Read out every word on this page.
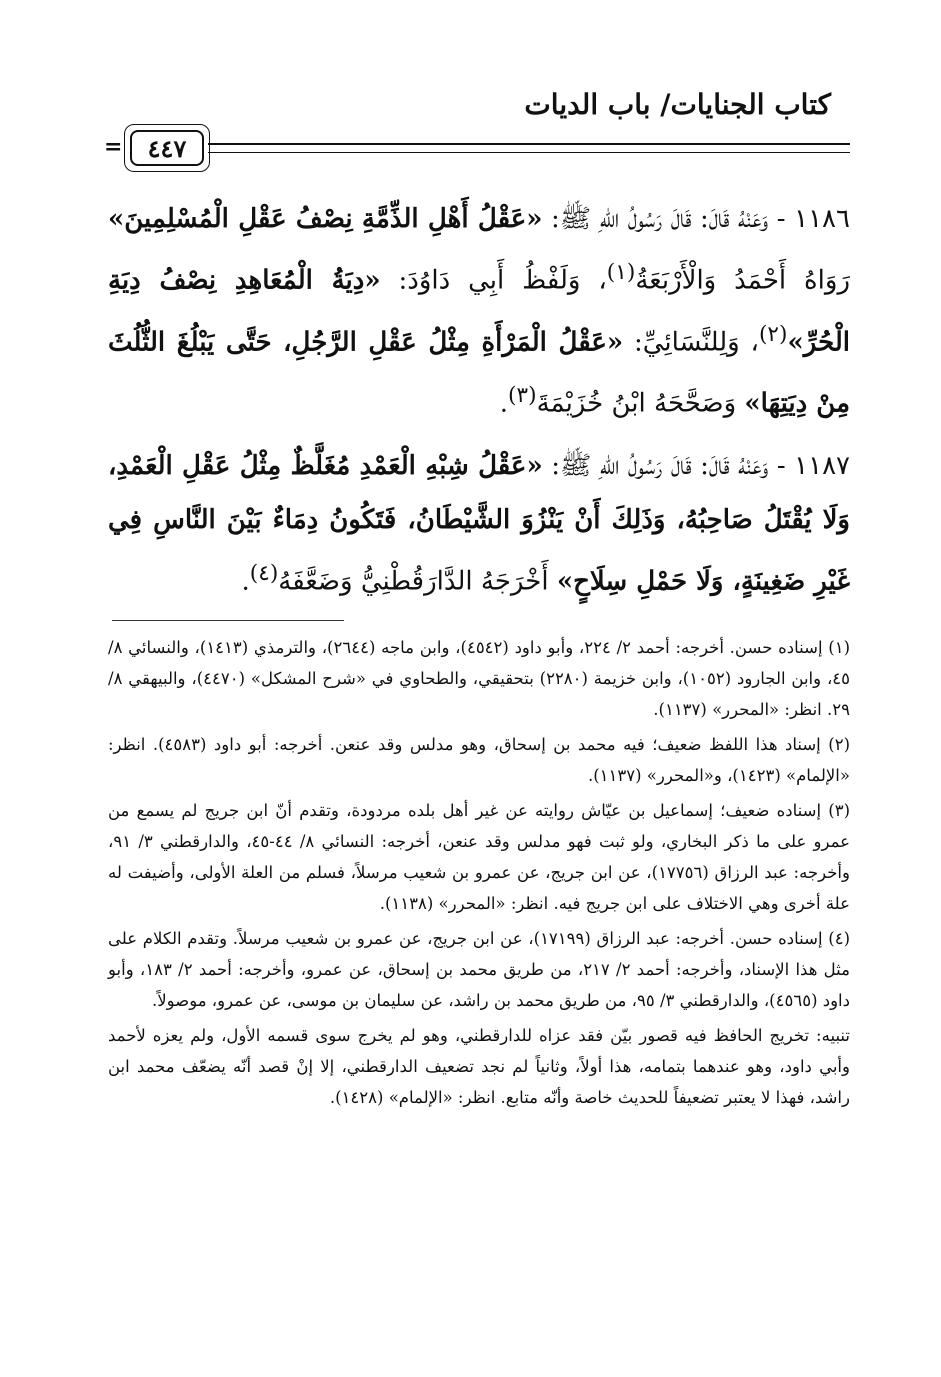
كتاب الجنايات/ باب الديات
=	٤٤٧

١١٨٦ - وَعَنْهُ قَالَ: قَالَ رَسُولُ اللهِ ﷺ: «عَقْلُ أَهْلِ الذِّمَّةِ نِصْفُ عَقْلِ الْمُسْلِمِينَ» رَوَاهُ أَحْمَدُ وَالْأَرْبَعَةُ$^{(١)}$، وَلَفْظُ أَبِي دَاوُدَ: «دِيَةُ الْمُعَاهِدِ نِصْفُ دِيَةِ الْحُرِّ»$^{(٢)}$، وَلِلنَّسَائِيِّ: «عَقْلُ الْمَرْأَةِ مِثْلُ عَقْلِ الرَّجُلِ، حَتَّى يَبْلُغَ الثُّلُثَ مِنْ دِيَتِهَا» وَصَحَّحَهُ ابْنُ خُزَيْمَةَ$^{(٣)}$.

١١٨٧ - وَعَنْهُ قَالَ: قَالَ رَسُولُ اللهِ ﷺ: «عَقْلُ شِبْهِ الْعَمْدِ مُغَلَّظٌ مِثْلُ عَقْلِ الْعَمْدِ، وَلَا يُقْتَلُ صَاحِبُهُ، وَذَلِكَ أَنْ يَنْزُوَ الشَّيْطَانُ، فَتَكُونُ دِمَاءٌ بَيْنَ النَّاسِ فِي غَيْرِ ضَغِينَةٍ، وَلَا حَمْلِ سِلَاحٍ» أَخْرَجَهُ الدَّارَقُطْنِيُّ وَضَعَّفَهُ$^{(٤)}$.

(١) إسناده حسن. أخرجه: أحمد ٢/ ٢٢٤، وأبو داود (٤٥٤٢)، وابن ماجه (٢٦٤٤)، والترمذي (١٤١٣)، والنسائي ٨/ ٤٥، وابن الجارود (١٠٥٢)، وابن خزيمة (٢٢٨٠) بتحقيقي، والطحاوي في «شرح المشكل» (٤٤٧٠)، والبيهقي ٨/ ٢٩. انظر: «المحرر» (١١٣٧).

(٢) إسناد هذا اللفظ ضعيف؛ فيه محمد بن إسحاق، وهو مدلس وقد عنعن. أخرجه: أبو داود (٤٥٨٣). انظر: «الإلمام» (١٤٢٣)، و«المحرر» (١١٣٧).

(٣) إسناده ضعيف؛ إسماعيل بن عيّاش روايته عن غير أهل بلده مردودة، وتقدم أنّ ابن جريج لم يسمع من عمرو على ما ذكر البخاري، ولو ثبت فهو مدلس وقد عنعن، أخرجه: النسائي ٨/ ٤٤-٤٥، والدارقطني ٣/ ٩١، وأخرجه: عبد الرزاق (١٧٧٥٦)، عن ابن جريج، عن عمرو بن شعيب مرسلاً، فسلم من العلة الأولى، وأضيفت له علة أخرى وهي الاختلاف على ابن جريج فيه. انظر: «المحرر» (١١٣٨).

(٤) إسناده حسن. أخرجه: عبد الرزاق (١٧١٩٩)، عن ابن جريج، عن عمرو بن شعيب مرسلاً. وتقدم الكلام على مثل هذا الإسناد، وأخرجه: أحمد ٢/ ٢١٧، من طريق محمد بن إسحاق، عن عمرو، وأخرجه: أحمد ٢/ ١٨٣، وأبو داود (٤٥٦٥)، والدارقطني ٣/ ٩٥، من طريق محمد بن راشد، عن سليمان بن موسى، عن عمرو، موصولاً.

تنبيه: تخريج الحافظ فيه قصور بيّن فقد عزاه للدارقطني، وهو لم يخرج سوى قسمه الأول، ولم يعزه لأحمد وأبي داود، وهو عندهما بتمامه، هذا أولاً، وثانياً لم نجد تضعيف الدارقطني، إلا إنْ قصد أنّه يضعّف محمد ابن راشد، فهذا لا يعتبر تضعيفاً للحديث خاصة وأنّه متابع. انظر: «الإلمام» (١٤٢٨).
